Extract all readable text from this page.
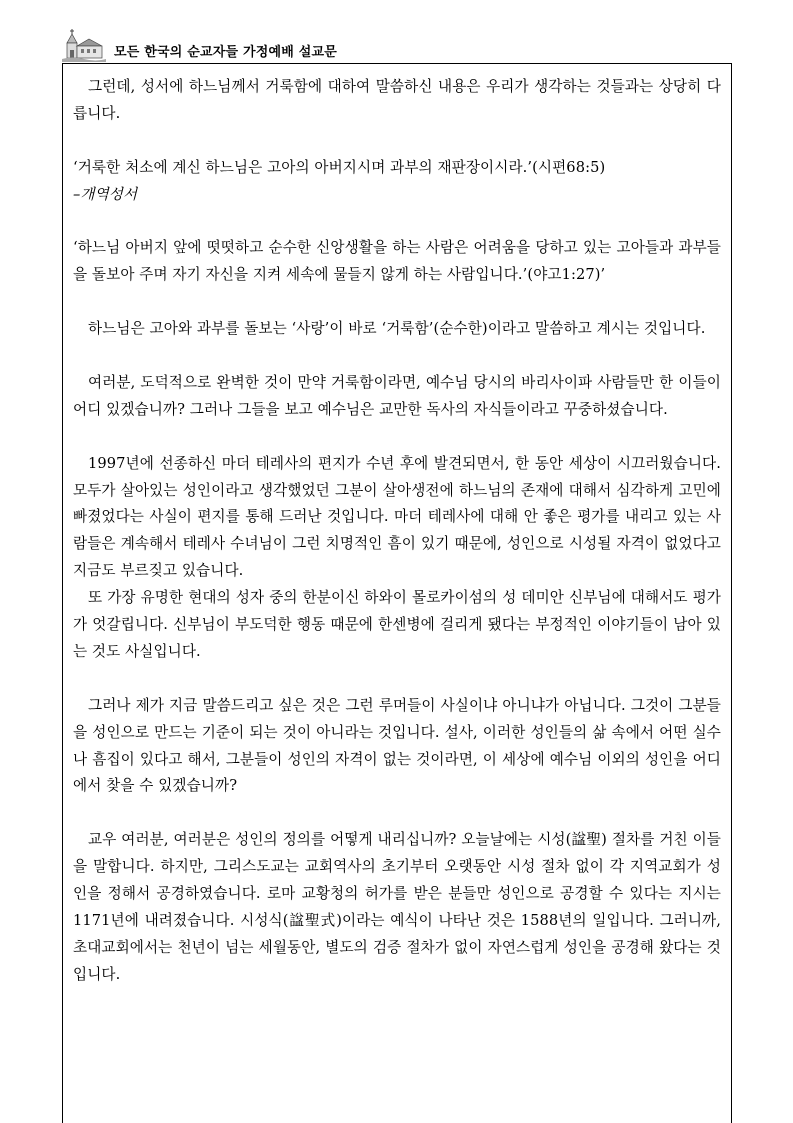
모든 한국의 순교자들 가정예배 설교문

그런데, 성서에 하느님께서 거룩함에 대하여 말씀하신 내용은 우리가 생각하는 것들과는 상당히 다릅니다.

‘거룩한 처소에 계신 하느님은 고아의 아버지시며 과부의 재판장이시라.’(시편68:5)
–개역성서

‘하느님 아버지 앞에 떳떳하고 순수한 신앙생활을 하는 사람은 어려움을 당하고 있는 고아들과 과부들을 돌보아 주며 자기 자신을 지켜 세속에 물들지 않게 하는 사람입니다.’(야고1:27)’

하느님은 고아와 과부를 돌보는 ‘사랑’이 바로 ‘거룩함’(순수한)이라고 말씀하고 계시는 것입니다.

여러분, 도덕적으로 완벽한 것이 만약 거룩함이라면, 예수님 당시의 바리사이파 사람들만 한 이들이 어디 있겠습니까? 그러나 그들을 보고 예수님은 교만한 독사의 자식들이라고 꾸중하셨습니다.

1997년에 선종하신 마더 테레사의 편지가 수년 후에 발견되면서, 한 동안 세상이 시끄러웠습니다. 모두가 살아있는 성인이라고 생각했었던 그분이 살아생전에 하느님의 존재에 대해서 심각하게 고민에 빠졌었다는 사실이 편지를 통해 드러난 것입니다. 마더 테레사에 대해 안 좋은 평가를 내리고 있는 사람들은 계속해서 테레사 수녀님이 그런 치명적인 흠이 있기 때문에, 성인으로 시성될 자격이 없었다고 지금도 부르짖고 있습니다.

또 가장 유명한 현대의 성자 중의 한분이신 하와이 몰로카이섬의 성 데미안 신부님에 대해서도 평가가 엇갈립니다. 신부님이 부도덕한 행동 때문에 한센병에 걸리게 됐다는 부정적인 이야기들이 남아 있는 것도 사실입니다.

그러나 제가 지금 말씀드리고 싶은 것은 그런 루머들이 사실이냐 아니냐가 아닙니다. 그것이 그분들을 성인으로 만드는 기준이 되는 것이 아니라는 것입니다. 설사, 이러한 성인들의 삶 속에서 어떤 실수나 흠집이 있다고 해서, 그분들이 성인의 자격이 없는 것이라면, 이 세상에 예수님 이외의 성인을 어디에서 찾을 수 있겠습니까?

교우 여러분, 여러분은 성인의 정의를 어떻게 내리십니까? 오늘날에는 시성(諡聖) 절차를 거친 이들을 말합니다. 하지만, 그리스도교는 교회역사의 초기부터 오랫동안 시성 절차 없이 각 지역교회가 성인을 정해서 공경하였습니다. 로마 교황청의 허가를 받은 분들만 성인으로 공경할 수 있다는 지시는 1171년에 내려졌습니다. 시성식(諡聖式)이라는 예식이 나타난 것은 1588년의 일입니다. 그러니까, 초대교회에서는 천년이 넘는 세월동안, 별도의 검증 절차가 없이 자연스럽게 성인을 공경해 왔다는 것입니다.
